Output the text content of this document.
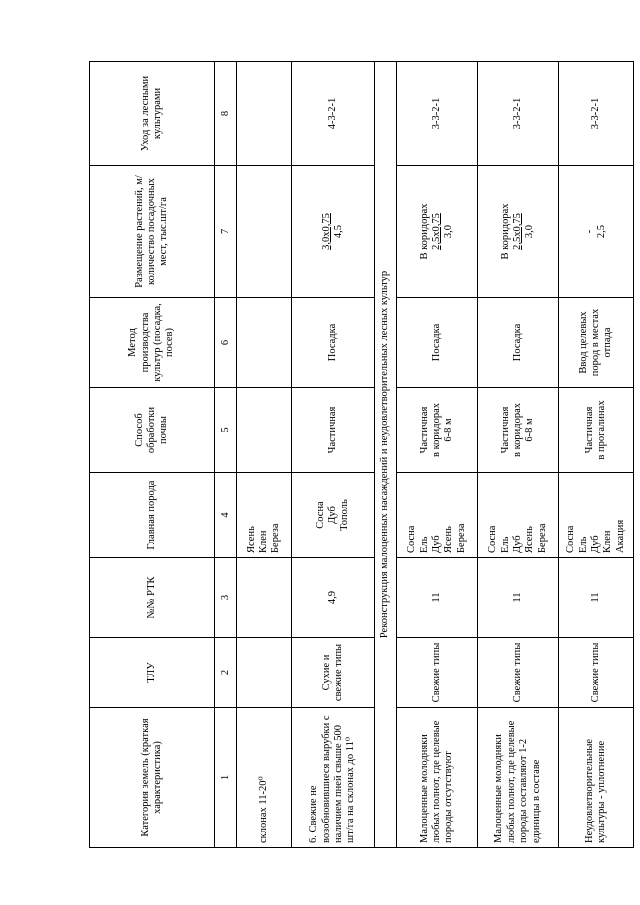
Категория земель (краткая характеристика)	ТЛУ	№№ РТК	Главная порода	Способ обработки почвы	Метод производства культур (посадка, посев)	Размещение растений, м/количество посадочных мест, тыс.шт/га	Уход за лесными культурами
1	2	3	4	5	6	7	8
склонах 11-20⁰			Ясень Клен Береза				

6. Свежие не возобновившиеся вырубки с наличием пней свыше 500 шт/га на склонах до 11⁰	Сухие и свежие типы	4,9	Сосна Дуб Тополь	Частичная	Посадка	3,0х0,75 4,5	4-3-2-1
Реконструкция малоценных насаждений и неудовлетворительных лесных культур							
Малоценные молодняки любых полнот, где целевые породы отсутствуют	Свежие типы	11	Сосна Ель Дуб Ясень Береза	Частичная в коридорах 6-8 м	Посадка	В коридорах 2,5х0,75 3,0	3-3-2-1
Малоценные молодняки любых полнот, где целевые породы составляют 1-2 единицы в составе	Свежие типы	11	Сосна Ель Дуб Ясень Береза	Частичная в коридорах 6-8 м	Посадка	В коридорах 2,5х0,75 3,0	3-3-2-1
Неудовлетворительные культуры - уплотнение	Свежие типы	11	Сосна Ель Дуб Клен Акация	Частичная в прогалинах	Ввод целевых пород в местах отпада	- 2,5	3-3-2-1
